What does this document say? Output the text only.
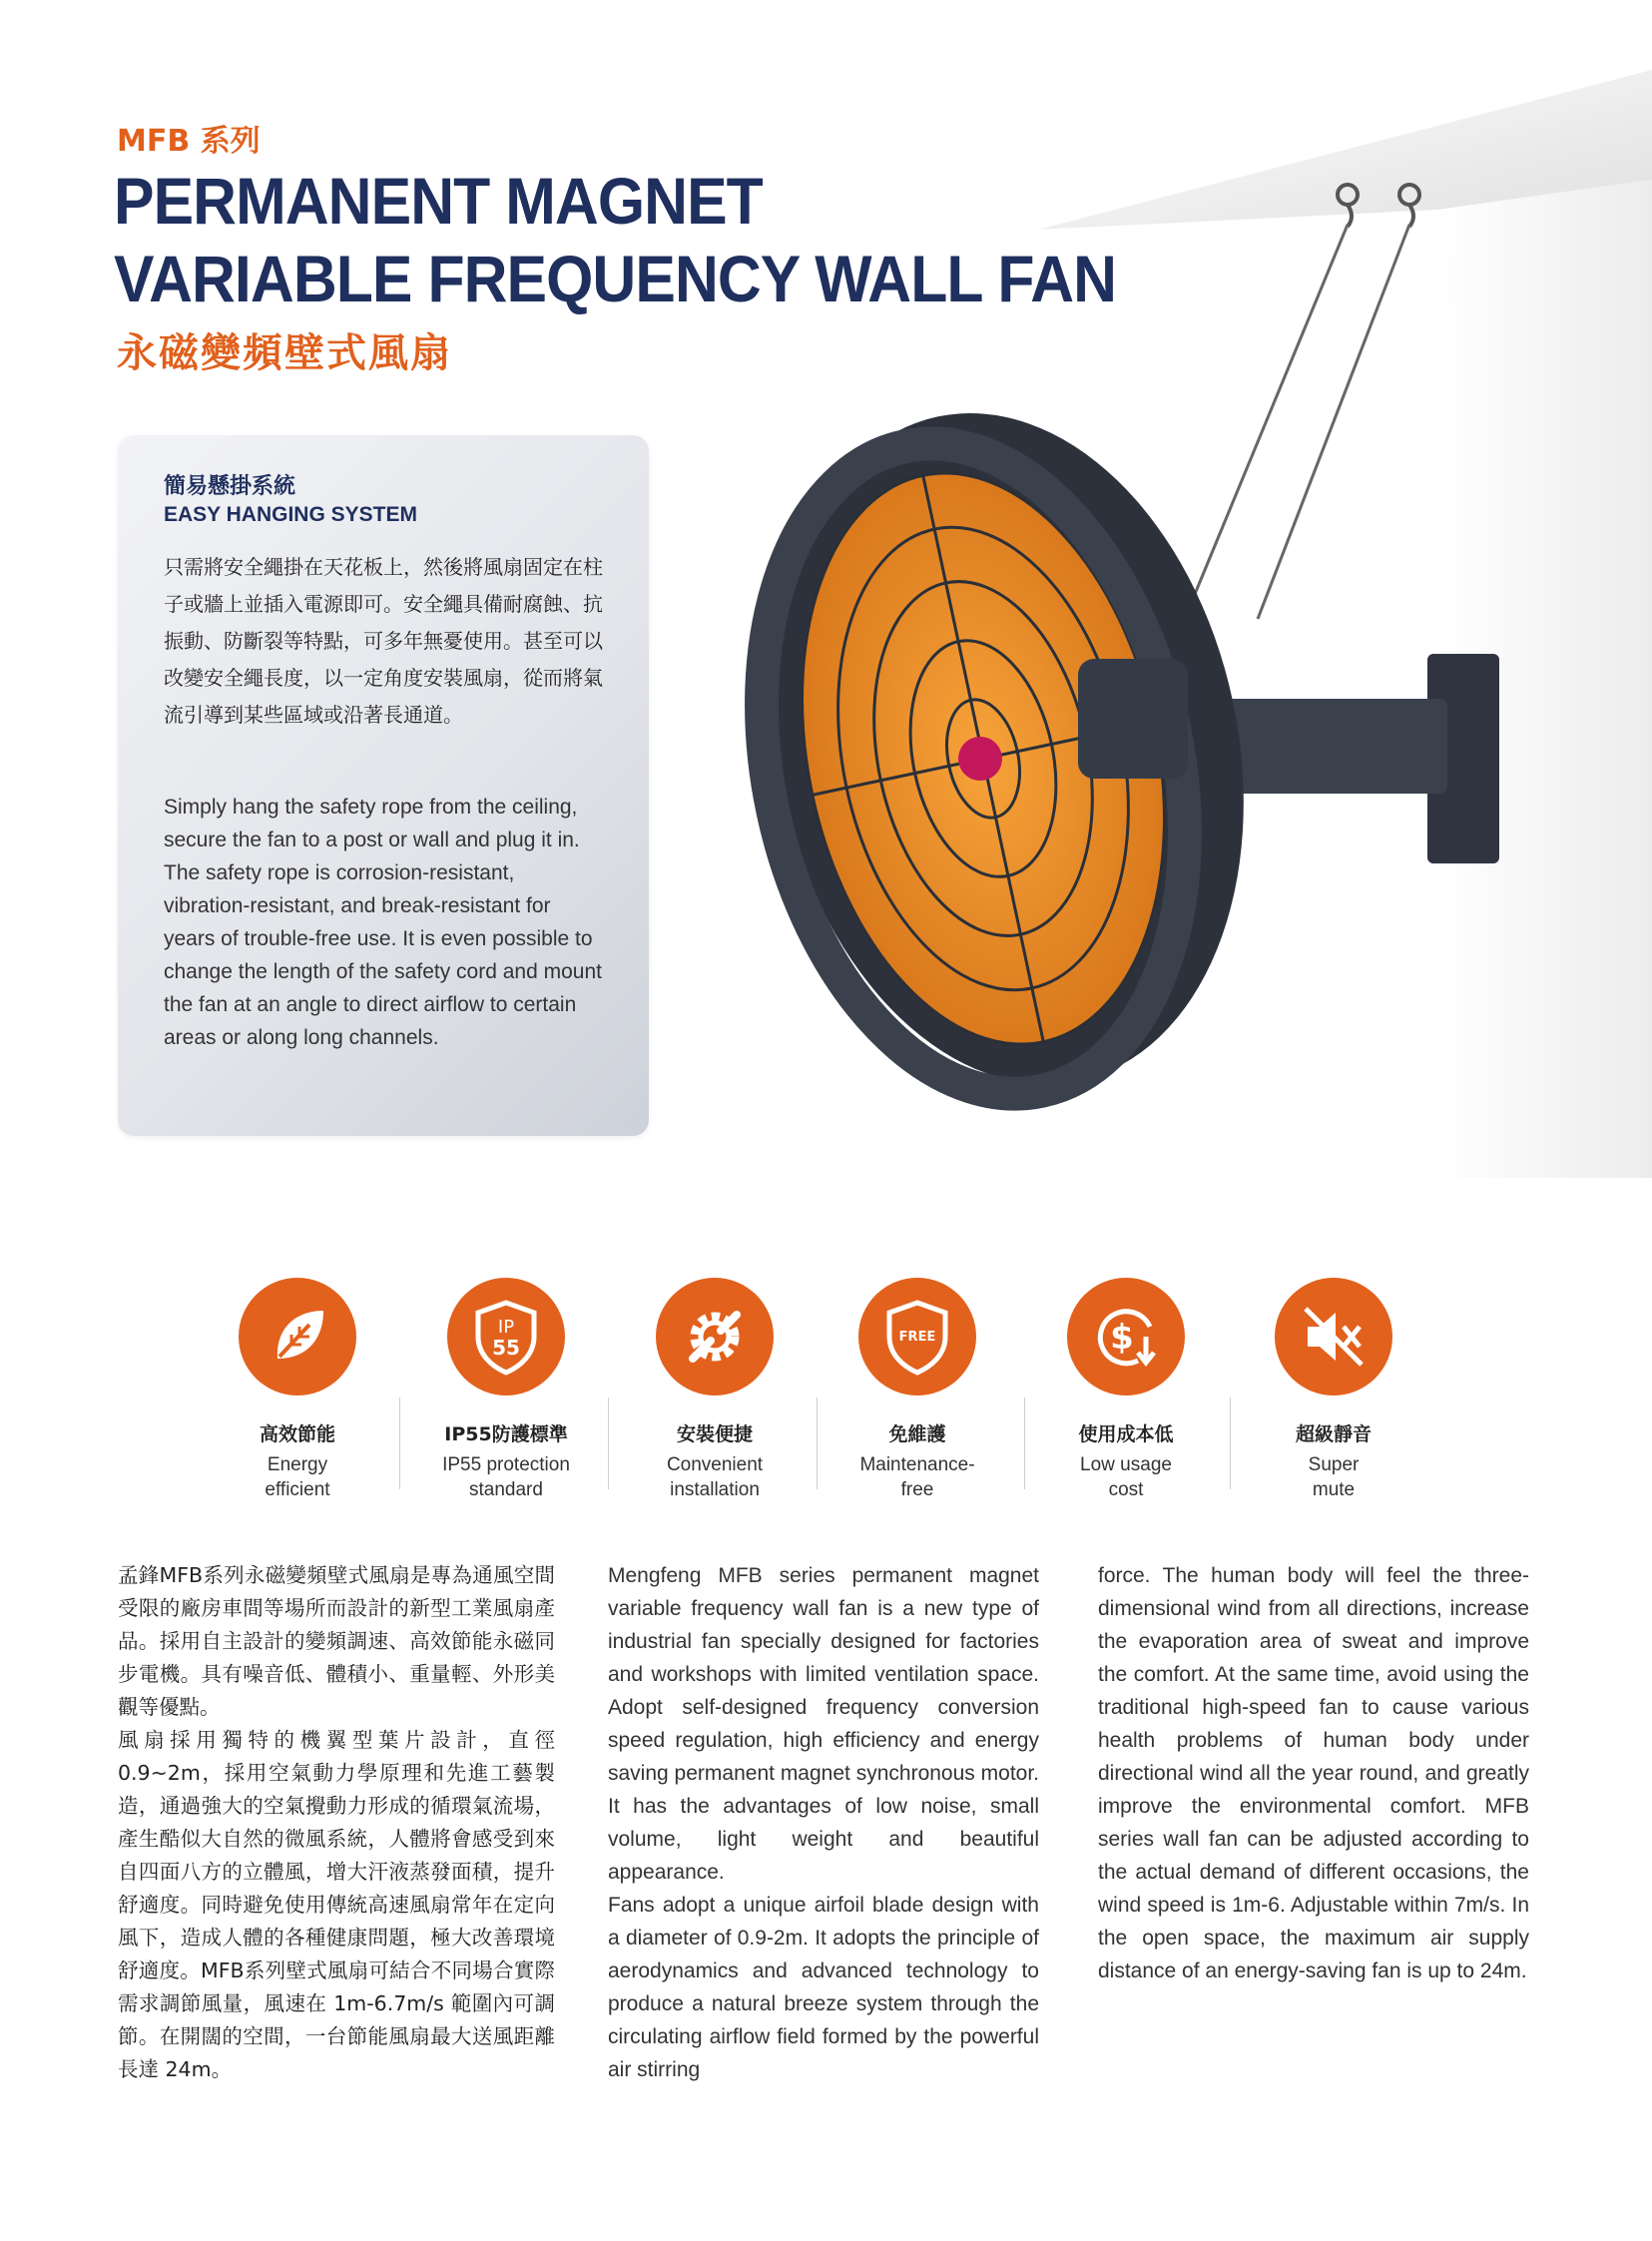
MFB 系列
PERMANENT MAGNET
VARIABLE FREQUENCY WALL FAN
永磁變頻壁式風扇
簡易懸掛系統
EASY HANGING SYSTEM

只需將安全繩掛在天花板上，然後將風扇固定在柱子或牆上並插入電源即可。安全繩具備耐腐蝕、抗振動、防斷裂等特點，可多年無憂使用。甚至可以改變安全繩長度，以一定角度安裝風扇，從而將氣流引導到某些區域或沿著長通道。

Simply hang the safety rope from the ceiling, secure the fan to a post or wall and plug it in. The safety rope is corrosion-resistant, vibration-resistant, and break-resistant for years of trouble-free use. It is even possible to change the length of the safety cord and mount the fan at an angle to direct airflow to certain areas or along long channels.

高效節能
Energy
efficient
IP
55
IP55防護標準
IP55 protection
standard
安裝便捷
Convenient
installation
FREE
免維護
Maintenance-
free
$
使用成本低
Low usage
cost
超級靜音
Super
mute

孟鋒MFB系列永磁變頻壁式風扇是專為通風空間受限的廠房車間等場所而設計的新型工業風扇產品。採用自主設計的變頻調速、高效節能永磁同步電機。具有噪音低、體積小、重量輕、外形美觀等優點。

風扇採用獨特的機翼型葉片設計，直徑0.9~2m，採用空氣動力學原理和先進工藝製造，通過強大的空氣攪動力形成的循環氣流場，產生酷似大自然的微風系統，人體將會感受到來自四面八方的立體風，增大汗液蒸發面積，提升舒適度。同時避免使用傳統高速風扇常年在定向風下，造成人體的各種健康問題，極大改善環境舒適度。MFB系列壁式風扇可結合不同場合實際需求調節風量，風速在 1m-6.7m/s 範圍內可調節。在開闊的空間，一台節能風扇最大送風距離長達 24m。

Mengfeng MFB series permanent magnet variable frequency wall fan is a new type of industrial fan specially designed for factories and workshops with limited ventilation space. Adopt self-designed frequency conversion speed regulation, high efficiency and energy saving permanent magnet synchronous motor. It has the advantages of low noise, small volume, light weight and beautiful appearance.

Fans adopt a unique airfoil blade design with a diameter of 0.9-2m. It adopts the principle of aerodynamics and advanced technology to produce a natural breeze system through the circulating airflow field formed by the powerful air stirring

force. The human body will feel the three-dimensional wind from all directions, increase the evaporation area of sweat and improve the comfort. At the same time, avoid using the traditional high-speed fan to cause various health problems of human body under directional wind all the year round, and greatly improve the environmental comfort. MFB series wall fan can be adjusted according to the actual demand of different occasions, the wind speed is 1m-6. Adjustable within 7m/s. In the open space, the maximum air supply distance of an energy-saving fan is up to 24m.
